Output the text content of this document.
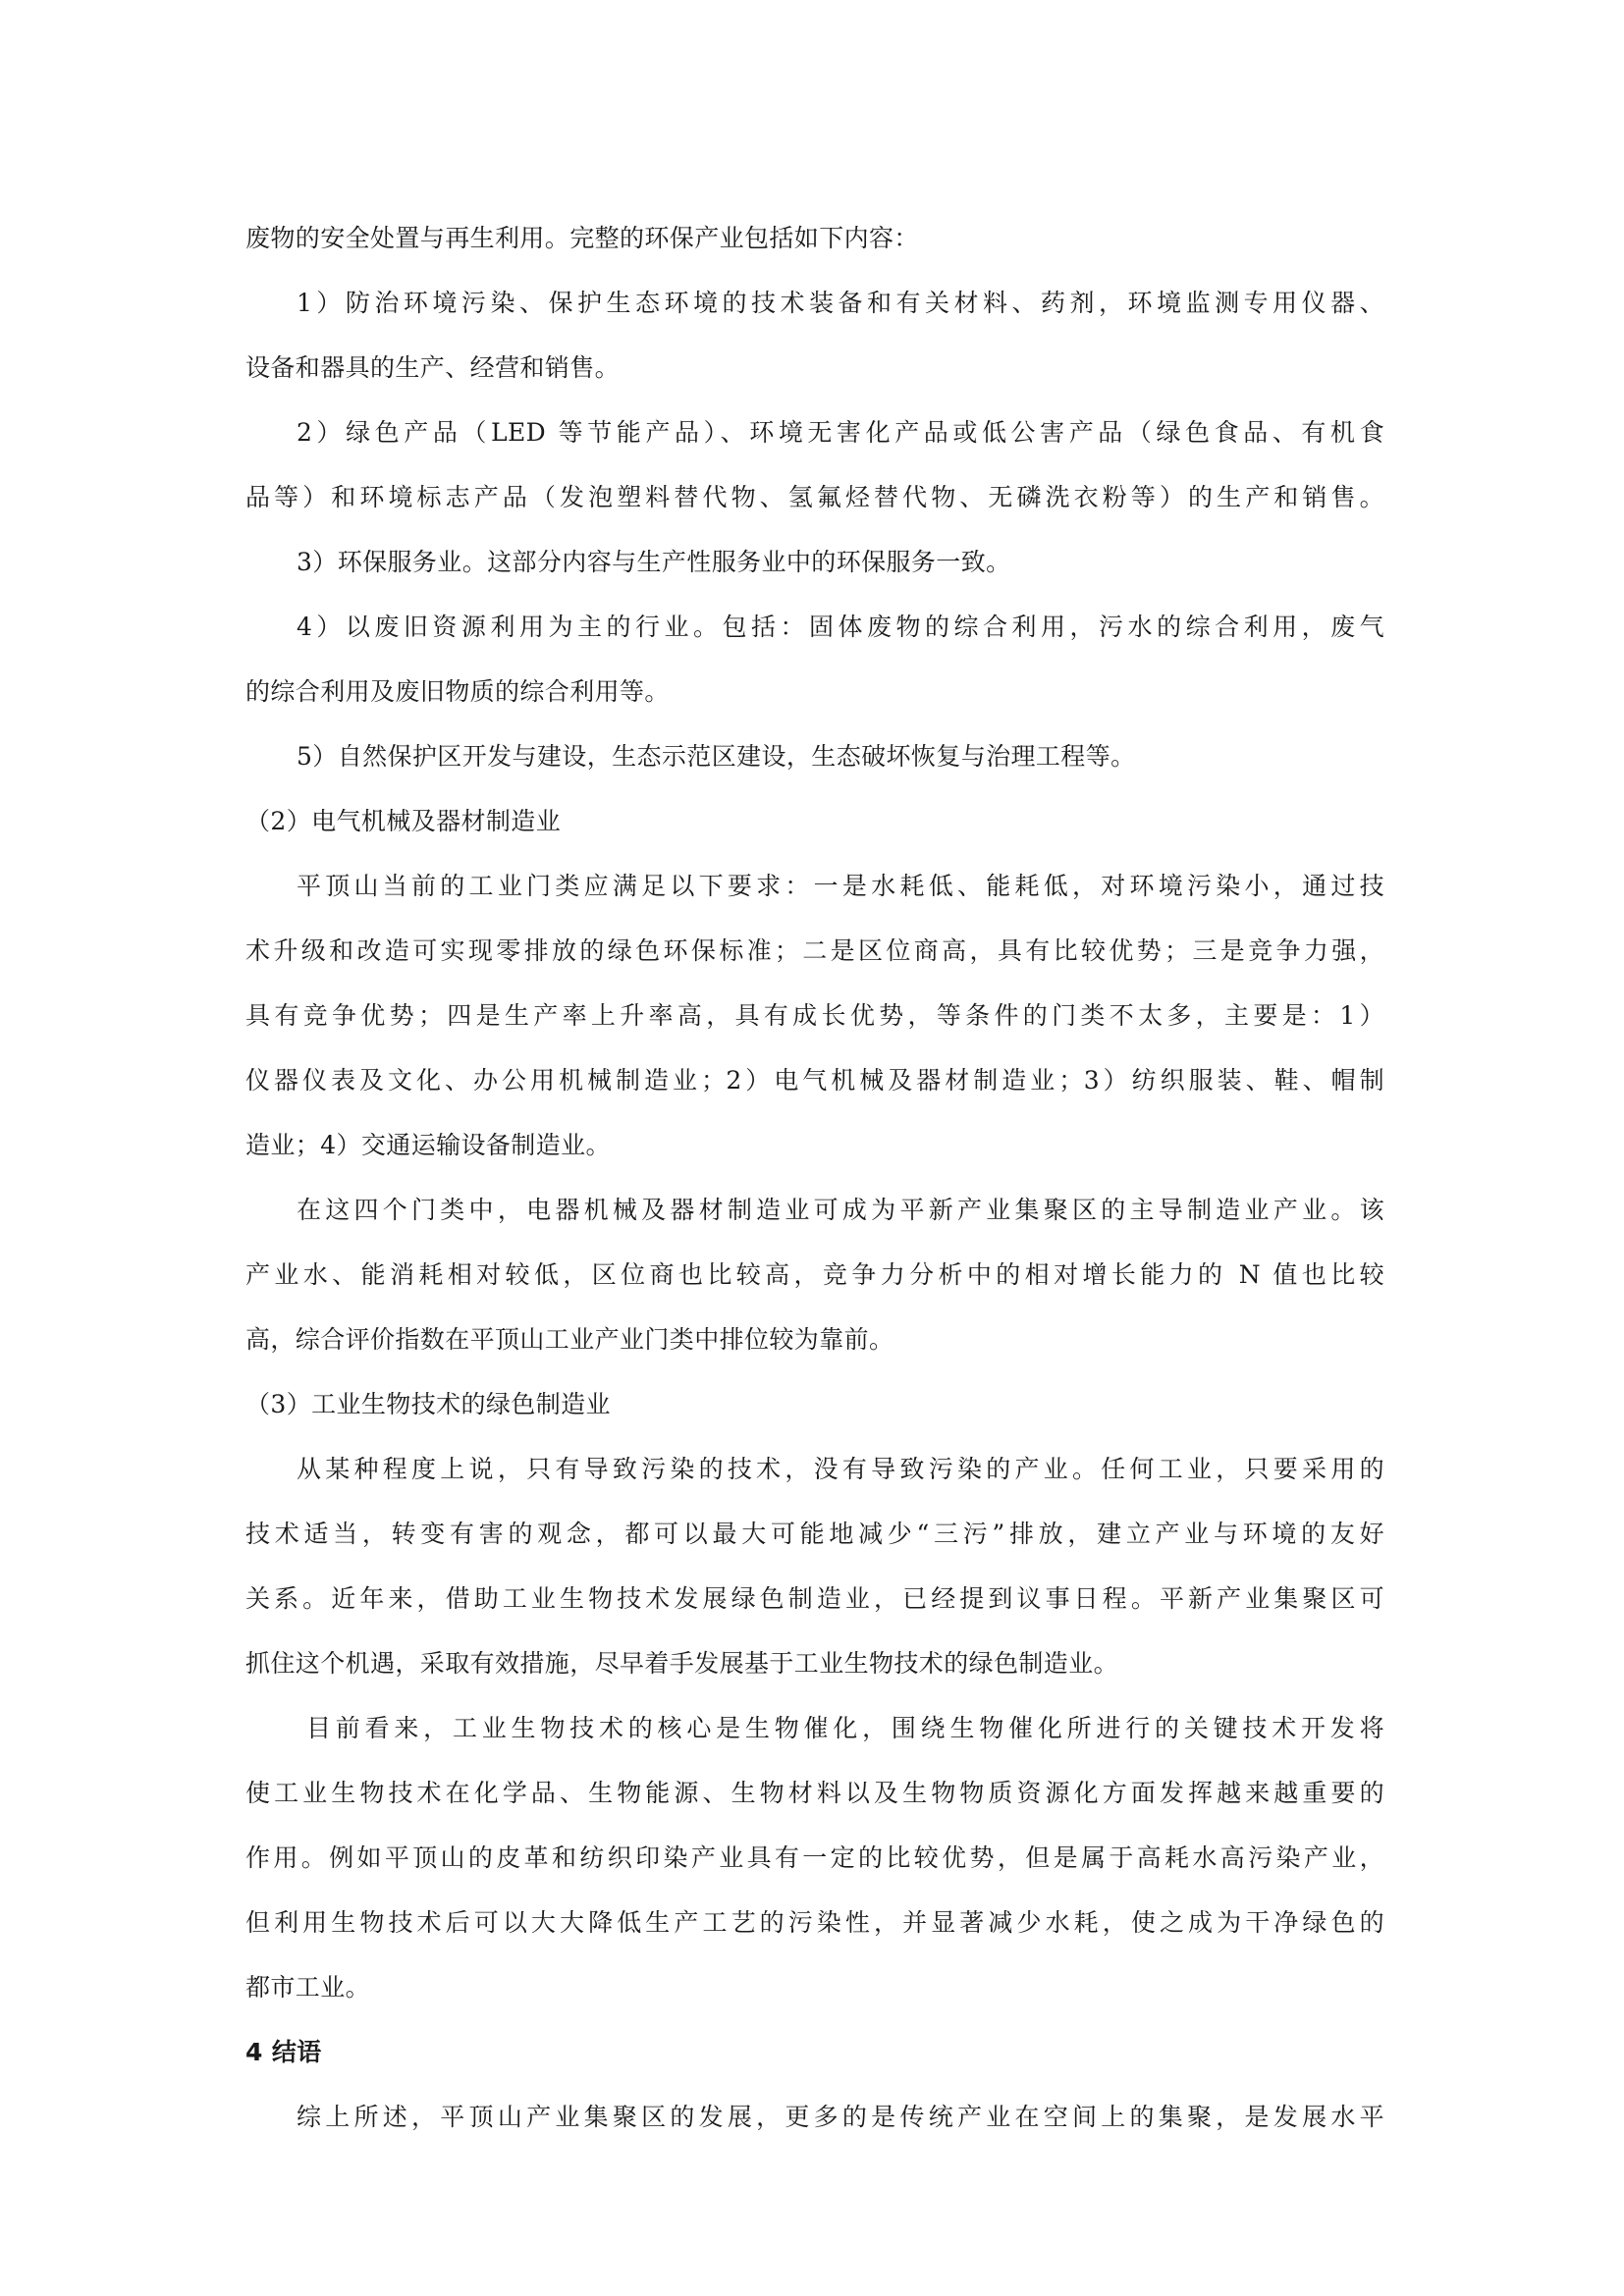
废物的安全处置与再生利用。完整的环保产业包括如下内容：
1）防治环境污染、保护生态环境的技术装备和有关材料、药剂，环境监测专用仪器、
设备和器具的生产、经营和销售。
2）绿色产品（LED 等节能产品）、环境无害化产品或低公害产品（绿色食品、有机食
品等）和环境标志产品（发泡塑料替代物、氢氟烃替代物、无磷洗衣粉等）的生产和销售。
3）环保服务业。这部分内容与生产性服务业中的环保服务一致。
4）以废旧资源利用为主的行业。包括：固体废物的综合利用，污水的综合利用，废气
的综合利用及废旧物质的综合利用等。
5）自然保护区开发与建设，生态示范区建设，生态破坏恢复与治理工程等。
（2）电气机械及器材制造业
平顶山当前的工业门类应满足以下要求：一是水耗低、能耗低，对环境污染小，通过技
术升级和改造可实现零排放的绿色环保标准；二是区位商高，具有比较优势；三是竞争力强，
具有竞争优势；四是生产率上升率高，具有成长优势，等条件的门类不太多，主要是：1）
仪器仪表及文化、办公用机械制造业；2）电气机械及器材制造业；3）纺织服装、鞋、帽制
造业；4）交通运输设备制造业。
在这四个门类中，电器机械及器材制造业可成为平新产业集聚区的主导制造业产业。该
产业水、能消耗相对较低，区位商也比较高，竞争力分析中的相对增长能力的 N 值也比较
高，综合评价指数在平顶山工业产业门类中排位较为靠前。
（3）工业生物技术的绿色制造业
从某种程度上说，只有导致污染的技术，没有导致污染的产业。任何工业，只要采用的
技术适当，转变有害的观念，都可以最大可能地减少“三污”排放，建立产业与环境的友好
关系。近年来，借助工业生物技术发展绿色制造业，已经提到议事日程。平新产业集聚区可
抓住这个机遇，采取有效措施，尽早着手发展基于工业生物技术的绿色制造业。
目前看来，工业生物技术的核心是生物催化，围绕生物催化所进行的关键技术开发将
使工业生物技术在化学品、生物能源、生物材料以及生物物质资源化方面发挥越来越重要的
作用。例如平顶山的皮革和纺织印染产业具有一定的比较优势，但是属于高耗水高污染产业，
但利用生物技术后可以大大降低生产工艺的污染性，并显著减少水耗，使之成为干净绿色的
都市工业。
4 结语
综上所述，平顶山产业集聚区的发展，更多的是传统产业在空间上的集聚，是发展水平
